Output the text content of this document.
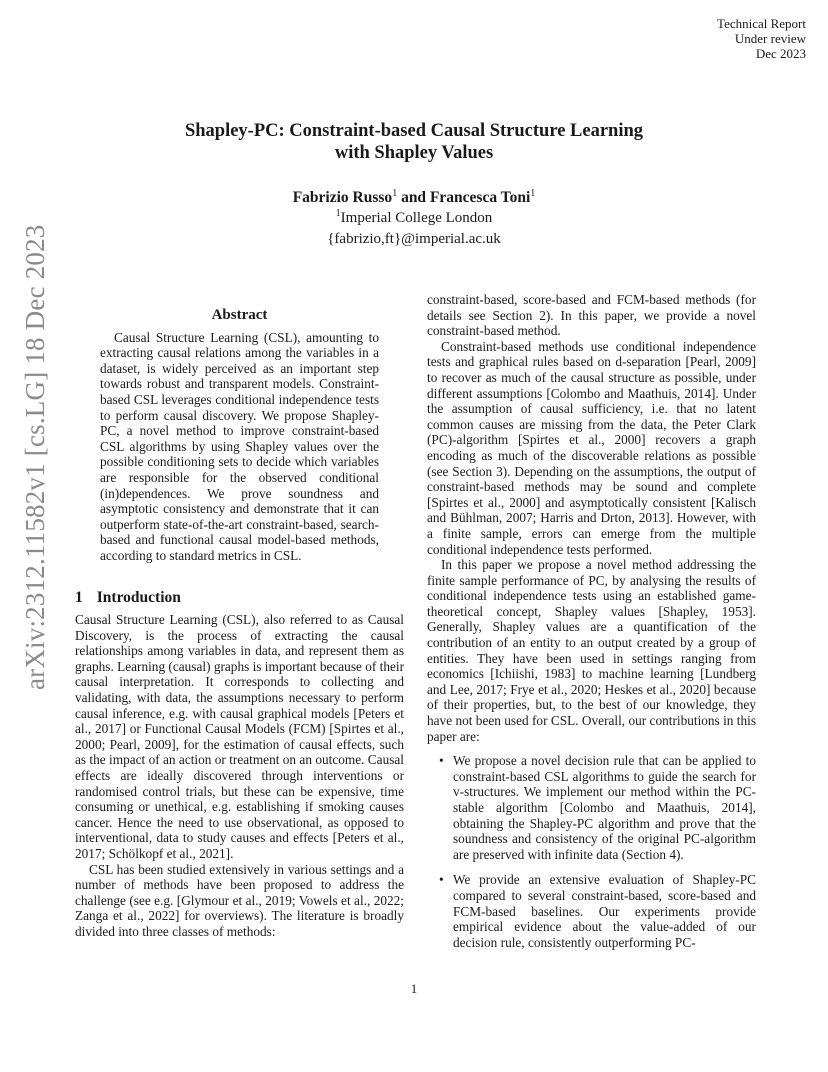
Technical Report
Under review
Dec 2023
arXiv:2312.11582v1 [cs.LG] 18 Dec 2023
Shapley-PC: Constraint-based Causal Structure Learning
with Shapley Values
Fabrizio Russo$^1$ and Francesca Toni$^1$
$^1$Imperial College London
{fabrizio,ft}@imperial.ac.uk
Abstract

Causal Structure Learning (CSL), amounting to extracting causal relations among the variables in a dataset, is widely perceived as an important step towards robust and transparent models. Constraint-based CSL leverages conditional independence tests to perform causal discovery. We propose Shapley-PC, a novel method to improve constraint-based CSL algorithms by using Shapley values over the possible conditioning sets to decide which variables are responsible for the observed conditional (in)dependences. We prove soundness and asymptotic consistency and demonstrate that it can outperform state-of-the-art constraint-based, search-based and functional causal model-based methods, according to standard metrics in CSL.

1 Introduction

Causal Structure Learning (CSL), also referred to as Causal Discovery, is the process of extracting the causal relationships among variables in data, and represent them as graphs. Learning (causal) graphs is important because of their causal interpretation. It corresponds to collecting and validating, with data, the assumptions necessary to perform causal inference, e.g. with causal graphical models [Peters et al., 2017] or Functional Causal Models (FCM) [Spirtes et al., 2000; Pearl, 2009], for the estimation of causal effects, such as the impact of an action or treatment on an outcome. Causal effects are ideally discovered through interventions or randomised control trials, but these can be expensive, time consuming or unethical, e.g. establishing if smoking causes cancer. Hence the need to use observational, as opposed to interventional, data to study causes and effects [Peters et al., 2017; Schölkopf et al., 2021].

CSL has been studied extensively in various settings and a number of methods have been proposed to address the challenge (see e.g. [Glymour et al., 2019; Vowels et al., 2022; Zanga et al., 2022] for overviews). The literature is broadly divided into three classes of methods:

constraint-based, score-based and FCM-based methods (for details see Section 2). In this paper, we provide a novel constraint-based method.

Constraint-based methods use conditional independence tests and graphical rules based on d-separation [Pearl, 2009] to recover as much of the causal structure as possible, under different assumptions [Colombo and Maathuis, 2014]. Under the assumption of causal sufficiency, i.e. that no latent common causes are missing from the data, the Peter Clark (PC)-algorithm [Spirtes et al., 2000] recovers a graph encoding as much of the discoverable relations as possible (see Section 3). Depending on the assumptions, the output of constraint-based methods may be sound and complete [Spirtes et al., 2000] and asymptotically consistent [Kalisch and Bühlman, 2007; Harris and Drton, 2013]. However, with a finite sample, errors can emerge from the multiple conditional independence tests performed.

In this paper we propose a novel method addressing the finite sample performance of PC, by analysing the results of conditional independence tests using an established game-theoretical concept, Shapley values [Shapley, 1953]. Generally, Shapley values are a quantification of the contribution of an entity to an output created by a group of entities. They have been used in settings ranging from economics [Ichiishi, 1983] to machine learning [Lundberg and Lee, 2017; Frye et al., 2020; Heskes et al., 2020] because of their properties, but, to the best of our knowledge, they have not been used for CSL. Overall, our contributions in this paper are:

• We propose a novel decision rule that can be applied to constraint-based CSL algorithms to guide the search for v-structures. We implement our method within the PC-stable algorithm [Colombo and Maathuis, 2014], obtaining the Shapley-PC algorithm and prove that the soundness and consistency of the original PC-algorithm are preserved with infinite data (Section 4).
• We provide an extensive evaluation of Shapley-PC compared to several constraint-based, score-based and FCM-based baselines. Our experiments provide empirical evidence about the value-added of our decision rule, consistently outperforming PC-
1
